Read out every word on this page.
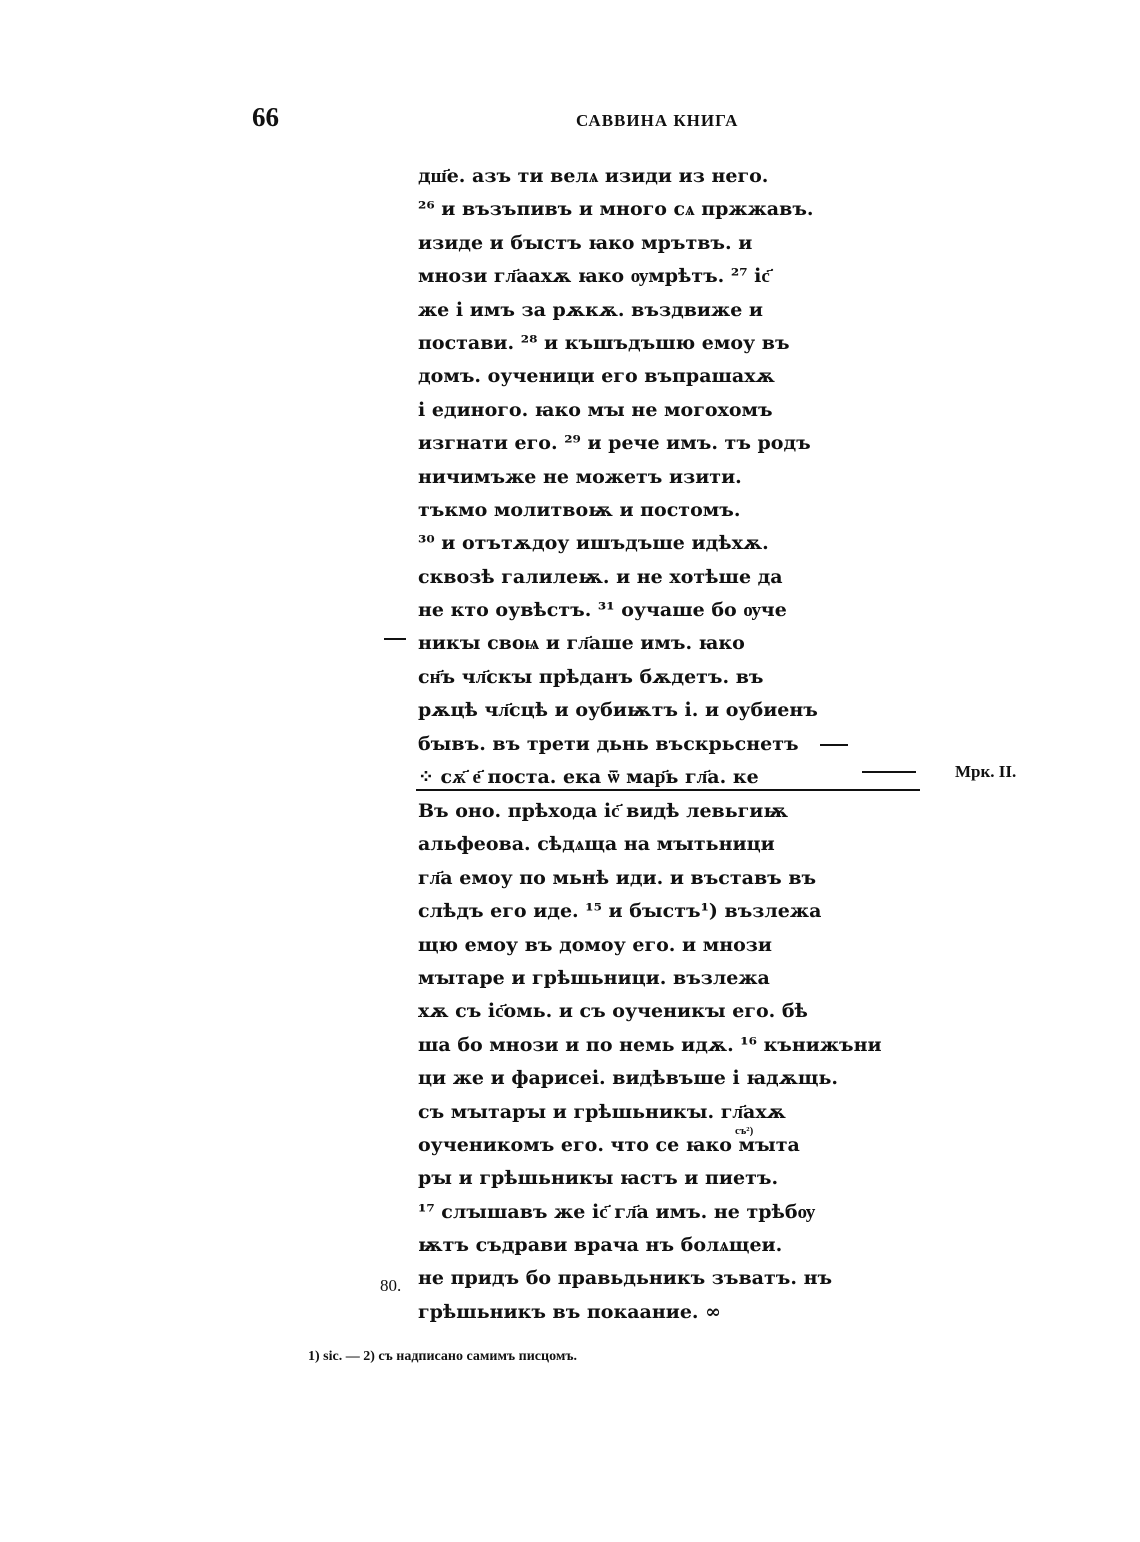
66	САВВИНА КНИГА
дш҃е. азъ ти велѧ изиди из него.
²⁶ и възъпивъ и много сѧ пржжавъ.
изиде и бꙑстъ ꙗко мрътвъ. и
мнози гл҃аахѫ ꙗко ѹмрѣтъ. ²⁷ іс҃
же і имъ за рѫкѫ. въздвиже и
постави. ²⁸ и къшъдъшю емоу въ
домъ. оученици его въпрашахѫ
і единого. ꙗко мꙑ не могохомъ
изгнати его. ²⁹ и рече имъ. тъ родъ
ничимъже не можетъ изити.
тъкмо молитвоѭ и постомъ.
³⁰ и отътѫдоу ишъдъше идѣхѫ.
сквозѣ галилеѭ. и не хотѣше да
не кто оувѣстъ. ³¹ оучаше бо ѹче
никꙑ своѩ и гл҃аше имъ. ꙗко
сн҃ъ чл҃скꙑ прѣданъ бѫдетъ. въ
рѫцѣ чл҃сцѣ и оубиѭтъ і. и оубиенъ
бꙑвъ. въ трети дьнь въскрьснетъ
⁘ сѫ҃ е҃ поста. ека ѿ мар҃ь гл҃а. ке	Мрк. II.
Въ оно. прѣхода іс҃ видѣ левьгиѭ
альфеова. сѣдѧща на мꙑтьници
гл҃а емоу по мьнѣ иди. и въставъ въ
слѣдъ его иде. ¹⁵ и бꙑстъ¹) възлежа
щю емоу въ домоу его. и мнози
мꙑтаре и грѣшьници. възлежа
хѫ съ іс҃омь. и съ оученикꙑ его. бѣ
ша бо мнози и по немь идѫ. ¹⁶ кънижъни
ци же и фарисеі. видѣвъше і ꙗдѫщь.
съ мꙑтарꙑ и грѣшьникꙑ. гл҃ахѫ
оученикомъ его. что се ꙗко мꙑта
рꙑ и грѣшьникꙑ ꙗстъ и пиетъ.
¹⁷ слꙑшавъ же іс҃ гл҃а имъ. не трѣбѹ
ѭтъ съдрави врача нъ болѧщеи.
не придъ бо правьдьникъ зъватъ. нъ
грѣшьникъ въ покаание. ∞
съ²)
80.
1) sic. — 2) съ надписано самимъ писцомъ.
